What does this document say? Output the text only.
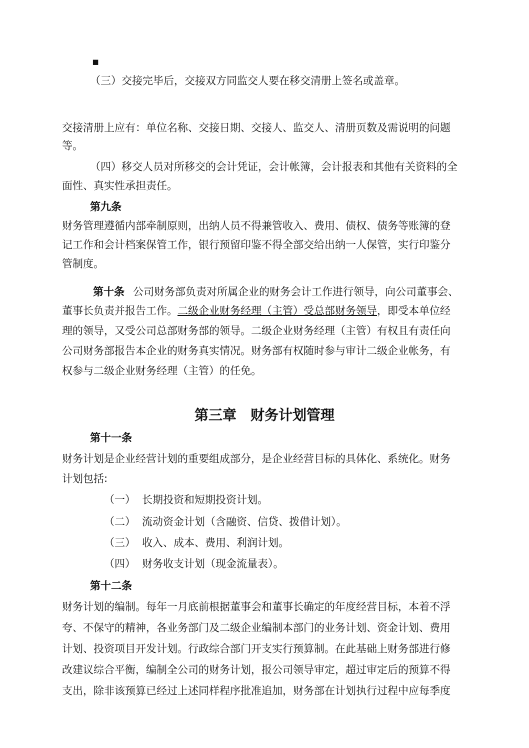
▪
（三）交接完毕后，交接双方同监交人要在移交清册上签名或盖章。
交接清册上应有：单位名称、交接日期、交接人、监交人、清册页数及需说明的问题
等。
（四）移交人员对所移交的会计凭证，会计帐簿，会计报表和其他有关资料的全
面性、真实性承担责任。
第九条
财务管理遵循内部牵制原则，出纳人员不得兼管收入、费用、债权、债务等账簿的登
记工作和会计档案保管工作，银行预留印鉴不得全部交给出纳一人保管，实行印鉴分
管制度。
第十条 公司财务部负责对所属企业的财务会计工作进行领导，向公司董事会、
董事长负责并报告工作。二级企业财务经理（主管）受总部财务领导，即受本单位经
理的领导，又受公司总部财务部的领导。二级企业财务经理（主管）有权且有责任向
公司财务部报告本企业的财务真实情况。财务部有权随时参与审计二级企业帐务，有
权参与二级企业财务经理（主管）的任免。
第三章　财务计划管理
第十一条
财务计划是企业经营计划的重要组成部分，是企业经营目标的具体化、系统化。财务
计划包括:
（一） 长期投资和短期投资计划。
（二） 流动资金计划（含融资、信贷、拨借计划）。
（三） 收入、成本、费用、利润计划。
（四） 财务收支计划（现金流量表）。
第十二条
财务计划的编制。每年一月底前根据董事会和董事长确定的年度经营目标，本着不浮
夸、不保守的精神，各业务部门及二级企业编制本部门的业务计划、资金计划、费用
计划、投资项目开发计划。行政综合部门开支实行预算制。在此基础上财务部进行修
改建议综合平衡，编制全公司的财务计划，报公司领导审定，超过审定后的预算不得
支出，除非该预算已经过上述同样程序批准追加，财务部在计划执行过程中应每季度
